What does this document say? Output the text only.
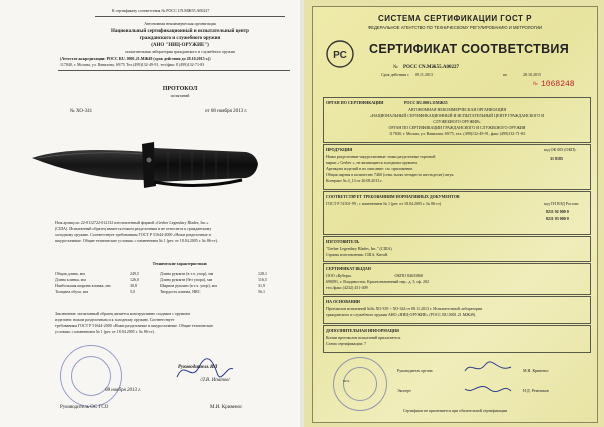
К сертификату соответствия № РОСС CN.МЖ55.А00227
Автономная некоммерческая организация
Национальный сертификационный и испытательный центр
гражданского и служебного оружия
(АНО "НИЦ-ОРУЖИЕ")
испытательная лаборатория гражданского и служебного оружия
(Аттестат аккредитации: РОСС RU. 0001.21.МЖ49 (срок действия до 28.10.2015 г.))
117840, г. Москва, ул. Вавилова, 69/75 Тел.(499)132-49-91, тел/факс 8 (499)132-71-83
ПРОТОКОЛ
испытаний
№ ХО-341	от 08 ноября 2013 г.
Нож артикула: 22-0112722-012132 изготовленный фирмой «Gerber Legendary Blades, Inc.»
(США). Испытанный образец является ножом разделочным и не относится к гражданскому
холодному оружию. Соответствует требованиям ГОСТ Р 51644-2000 «Ножи разделочные и
шкуросъемные. Общие технические условия» с изменением № 1 (рег. от 18.04.2005 г. № 86-ст).
Технические характеристики:
Общая длина, мм	249,5
Длина клинка, мм	126,0
Наибольшая ширина клинка, мм	30,8
Толщина обуха, мм	5,0
Длина рукояти (в т.ч. упор), мм	128,1
Длина рукояти (без упора), мм	116,5
Ширина рукояти (в т.ч. упор), мм	31,9
Твердость клинка, HRC	56,1
Заключение: испытанный образец является конструктивно сходным с оружием
изделием: ножом разделочным и к холодному оружию. Соответствует
требованиям ГОСТ Р 51644-2000 «Ножи разделочные и шкуросъемные. Общие технические
условия» с изменением № 1 (рег. от 18.04.2005 г. № 86-ст).
Руководитель ИЛ
/Л.В. Ипатов/
08 ноября 2013 г.
Руководитель ОС ГСО	М.И. Кривенос
СИСТЕМА СЕРТИФИКАЦИИ ГОСТ Р
ФЕДЕРАЛЬНОЕ АГЕНТСТВО ПО ТЕХНИЧЕСКОМУ РЕГУЛИРОВАНИЮ И МЕТРОЛОГИИ
РС СЕРТИФИКАТ СООТВЕТСТВИЯ
№ РОСС CN.МЖ55.А00227
Срок действия с 09.11.2013	по	28.10.2015
№ 1068248
ОРГАН ПО СЕРТИФИКАЦИИ	РОСС RU.0001.11МЖ55
АВТОНОМНАЯ НЕКОММЕРЧЕСКАЯ ОРГАНИЗАЦИЯ
«НАЦИОНАЛЬНЫЙ СЕРТИФИКАЦИОННЫЙ И ИСПЫТАТЕЛЬНЫЙ ЦЕНТР ГРАЖДАНСКОГО И
СЛУЖЕБНОГО ОРУЖИЯ»
ОРГАН ПО СЕРТИФИКАЦИИ ГРАЖДАНСКОГО И СЛУЖЕБНОГО ОРУЖИЯ
117840, г. Москва, ул. Вавилова, 69/75, тел. (499)132-49-91, факс (499)132-71-83
ПРОДУКЦИЯ
Ножи разделочные-шкуросъемные: ножи разделочные торговой
марки « Gerber », не являющиеся холодным оружием.
Артикулы изделий и их описание: см. приложение.
Общая партия в количестве 7460 (семь тысяч четыреста шестьдесят) штук.
Контракт № 4_13 от 26.08.2013 г.
код ОК 005 (ОКП):
31 8185
СООТВЕТСТВУЕТ ТРЕБОВАНИЯМ НОРМАТИВНЫХ ДОКУМЕНТОВ
ГОСТ Р 51501-99 ; с изменением № 1 (рег. от 18.04.2005 г. № 86-ст)	код ТН ВЭД России:
8211 92 000 0
8211 93 000 0
ИЗГОТОВИТЕЛЬ
"Gerber Legendary Blades, Inc." (США)
Страны изготовления: США, Китай.
СЕРТИФИКАТ ВЫДАН
ООО «Кубера»                                           ОКПО 84633868
690091, г. Владивосток, Краснознаменный пер., д. 5, оф. 202
тел./факс (4232) 451-409
НА ОСНОВАНИИ
Протоколов испытаний №№ ХО-339 ÷ ХО-344 от 08.11.2013 г. Испытательной лаборатории
гражданского и служебного оружия АНО «НИЦ-ОРУЖИЕ» (РОСС RU.0001.21.МЖ49).
ДОПОЛНИТЕЛЬНАЯ ИНФОРМАЦИЯ
Копии протоколов испытаний прилагаются.
Схема сертификации: 7
м.п.
Руководитель органа	М.И. Кривенос
Эксперт	Н.Д. Ремешков
Сертификат не применяется при обязательной сертификации
